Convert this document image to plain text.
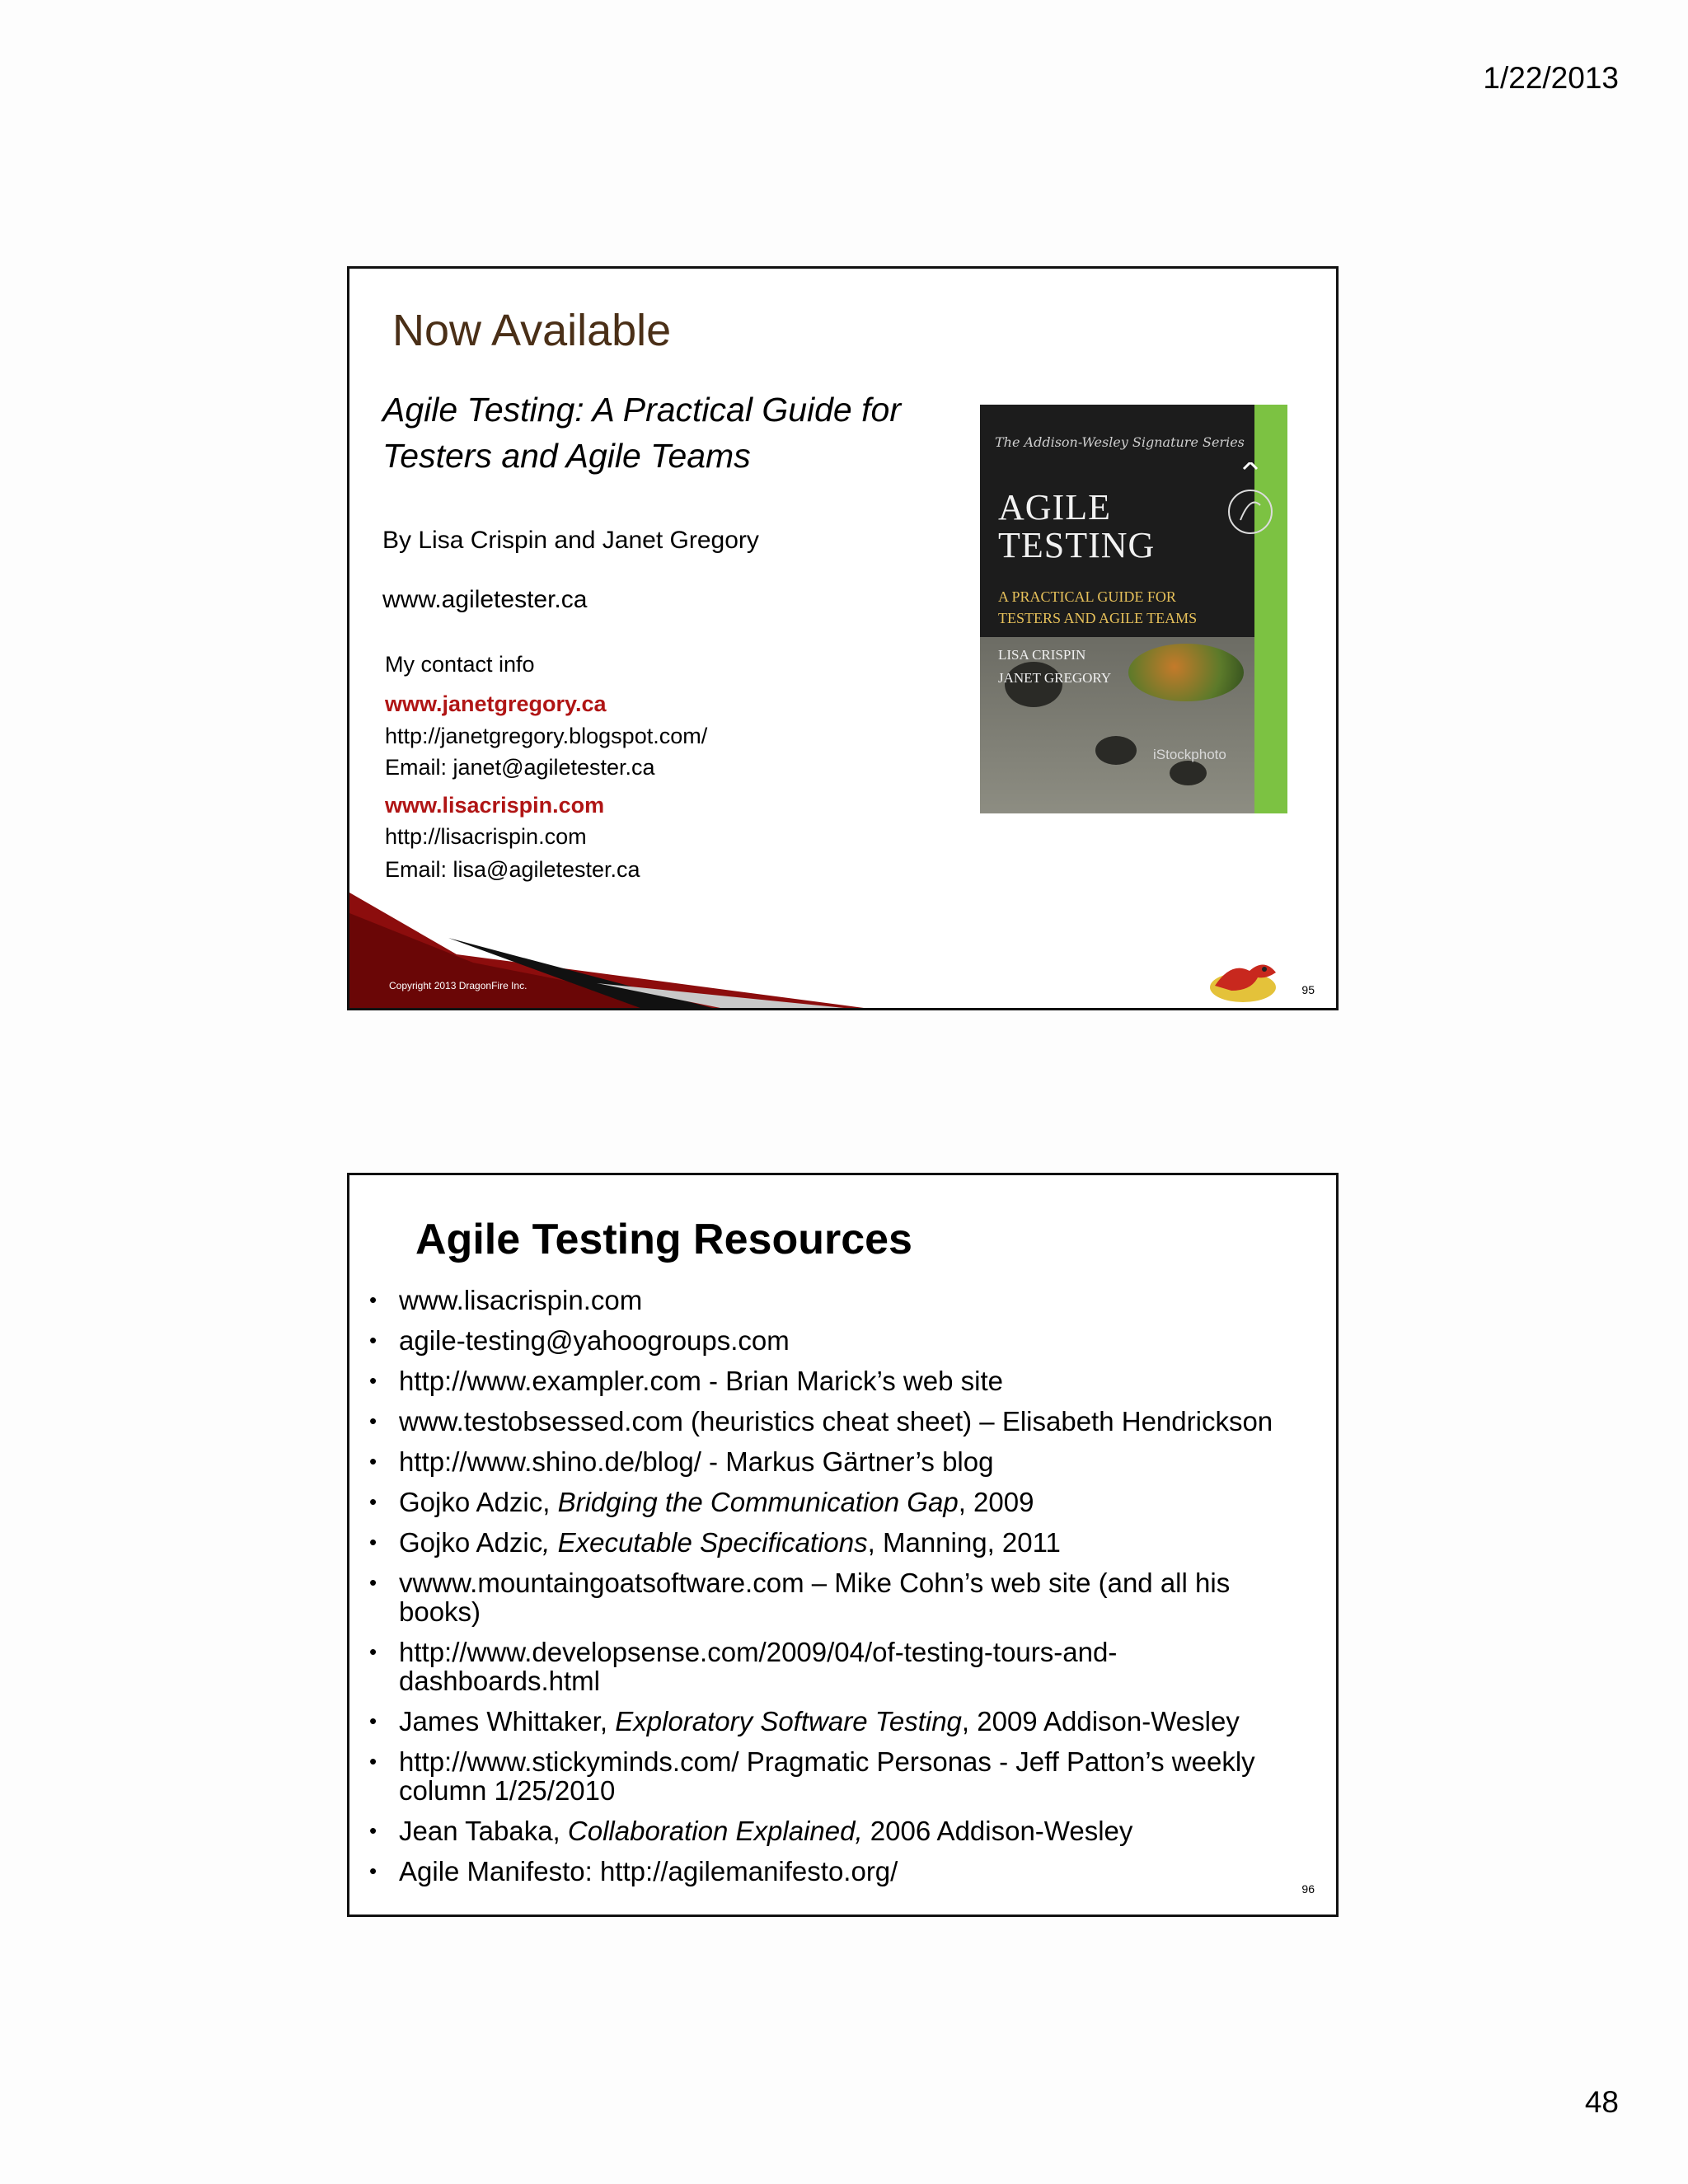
1/22/2013
Now Available
Agile Testing: A Practical Guide for Testers and Agile Teams
By Lisa Crispin and Janet Gregory
www.agiletester.ca
My contact info
www.janetgregory.ca
http://janetgregory.blogspot.com/
Email: janet@agiletester.ca
www.lisacrispin.com
http://lisacrispin.com
Email: lisa@agiletester.ca
The Addison-Wesley Signature Series
AGILE
TESTING
A PRACTICAL GUIDE FOR
TESTERS AND AGILE TEAMS
LISA CRISPIN
JANET GREGORY
iStockphoto
Copyright 2013 DragonFire Inc.	95
Agile Testing Resources
• www.lisacrispin.com
• agile-testing@yahoogroups.com
• http://www.exampler.com - Brian Marick’s web site
• www.testobsessed.com (heuristics cheat sheet) – Elisabeth Hendrickson
• http://www.shino.de/blog/ - Markus Gärtner’s blog
• Gojko Adzic, Bridging the Communication Gap, 2009
• Gojko Adzic, Executable Specifications, Manning, 2011
• vwww.mountaingoatsoftware.com – Mike Cohn’s web site (and all his books)
• http://www.developsense.com/2009/04/of-testing-tours-and-dashboards.html
• James Whittaker, Exploratory Software Testing, 2009 Addison-Wesley
• http://www.stickyminds.com/ Pragmatic Personas - Jeff Patton’s weekly column 1/25/2010
• Jean Tabaka, Collaboration Explained, 2006 Addison-Wesley
• Agile Manifesto: http://agilemanifesto.org/
96
48
